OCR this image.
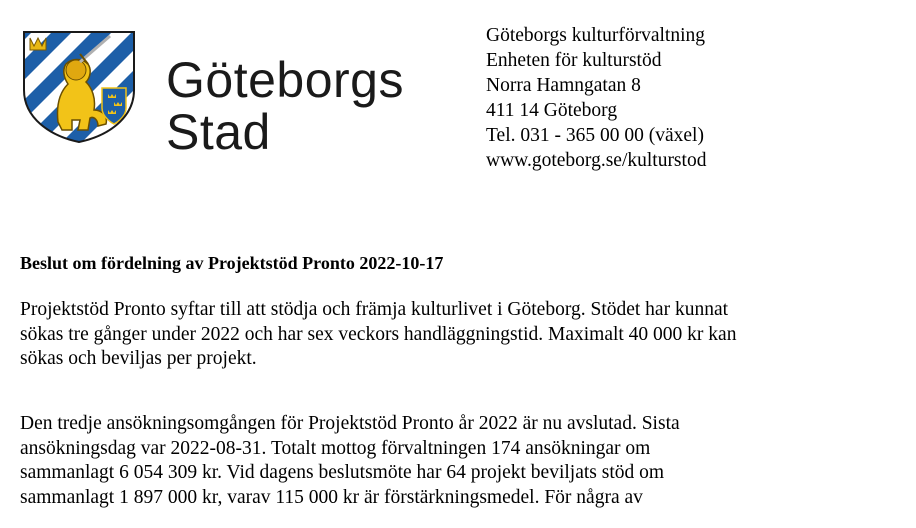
Göteborgs
Stad
Göteborgs kulturförvaltning
Enheten för kulturstöd
Norra Hamngatan 8
411 14 Göteborg
Tel. 031 - 365 00 00 (växel)
www.goteborg.se/kulturstod
Beslut om fördelning av Projektstöd Pronto 2022-10-17
Projektstöd Pronto syftar till att stödja och främja kulturlivet i Göteborg. Stödet har kunnat
sökas tre gånger under 2022 och har sex veckors handläggningstid. Maximalt 40 000 kr kan
sökas och beviljas per projekt.
Den tredje ansökningsomgången för Projektstöd Pronto år 2022 är nu avslutad. Sista
ansökningsdag var 2022-08-31. Totalt mottog förvaltningen 174 ansökningar om
sammanlagt 6 054 309 kr. Vid dagens beslutsmöte har 64 projekt beviljats stöd om
sammanlagt 1 897 000 kr, varav 115 000 kr är förstärkningsmedel. För några av
